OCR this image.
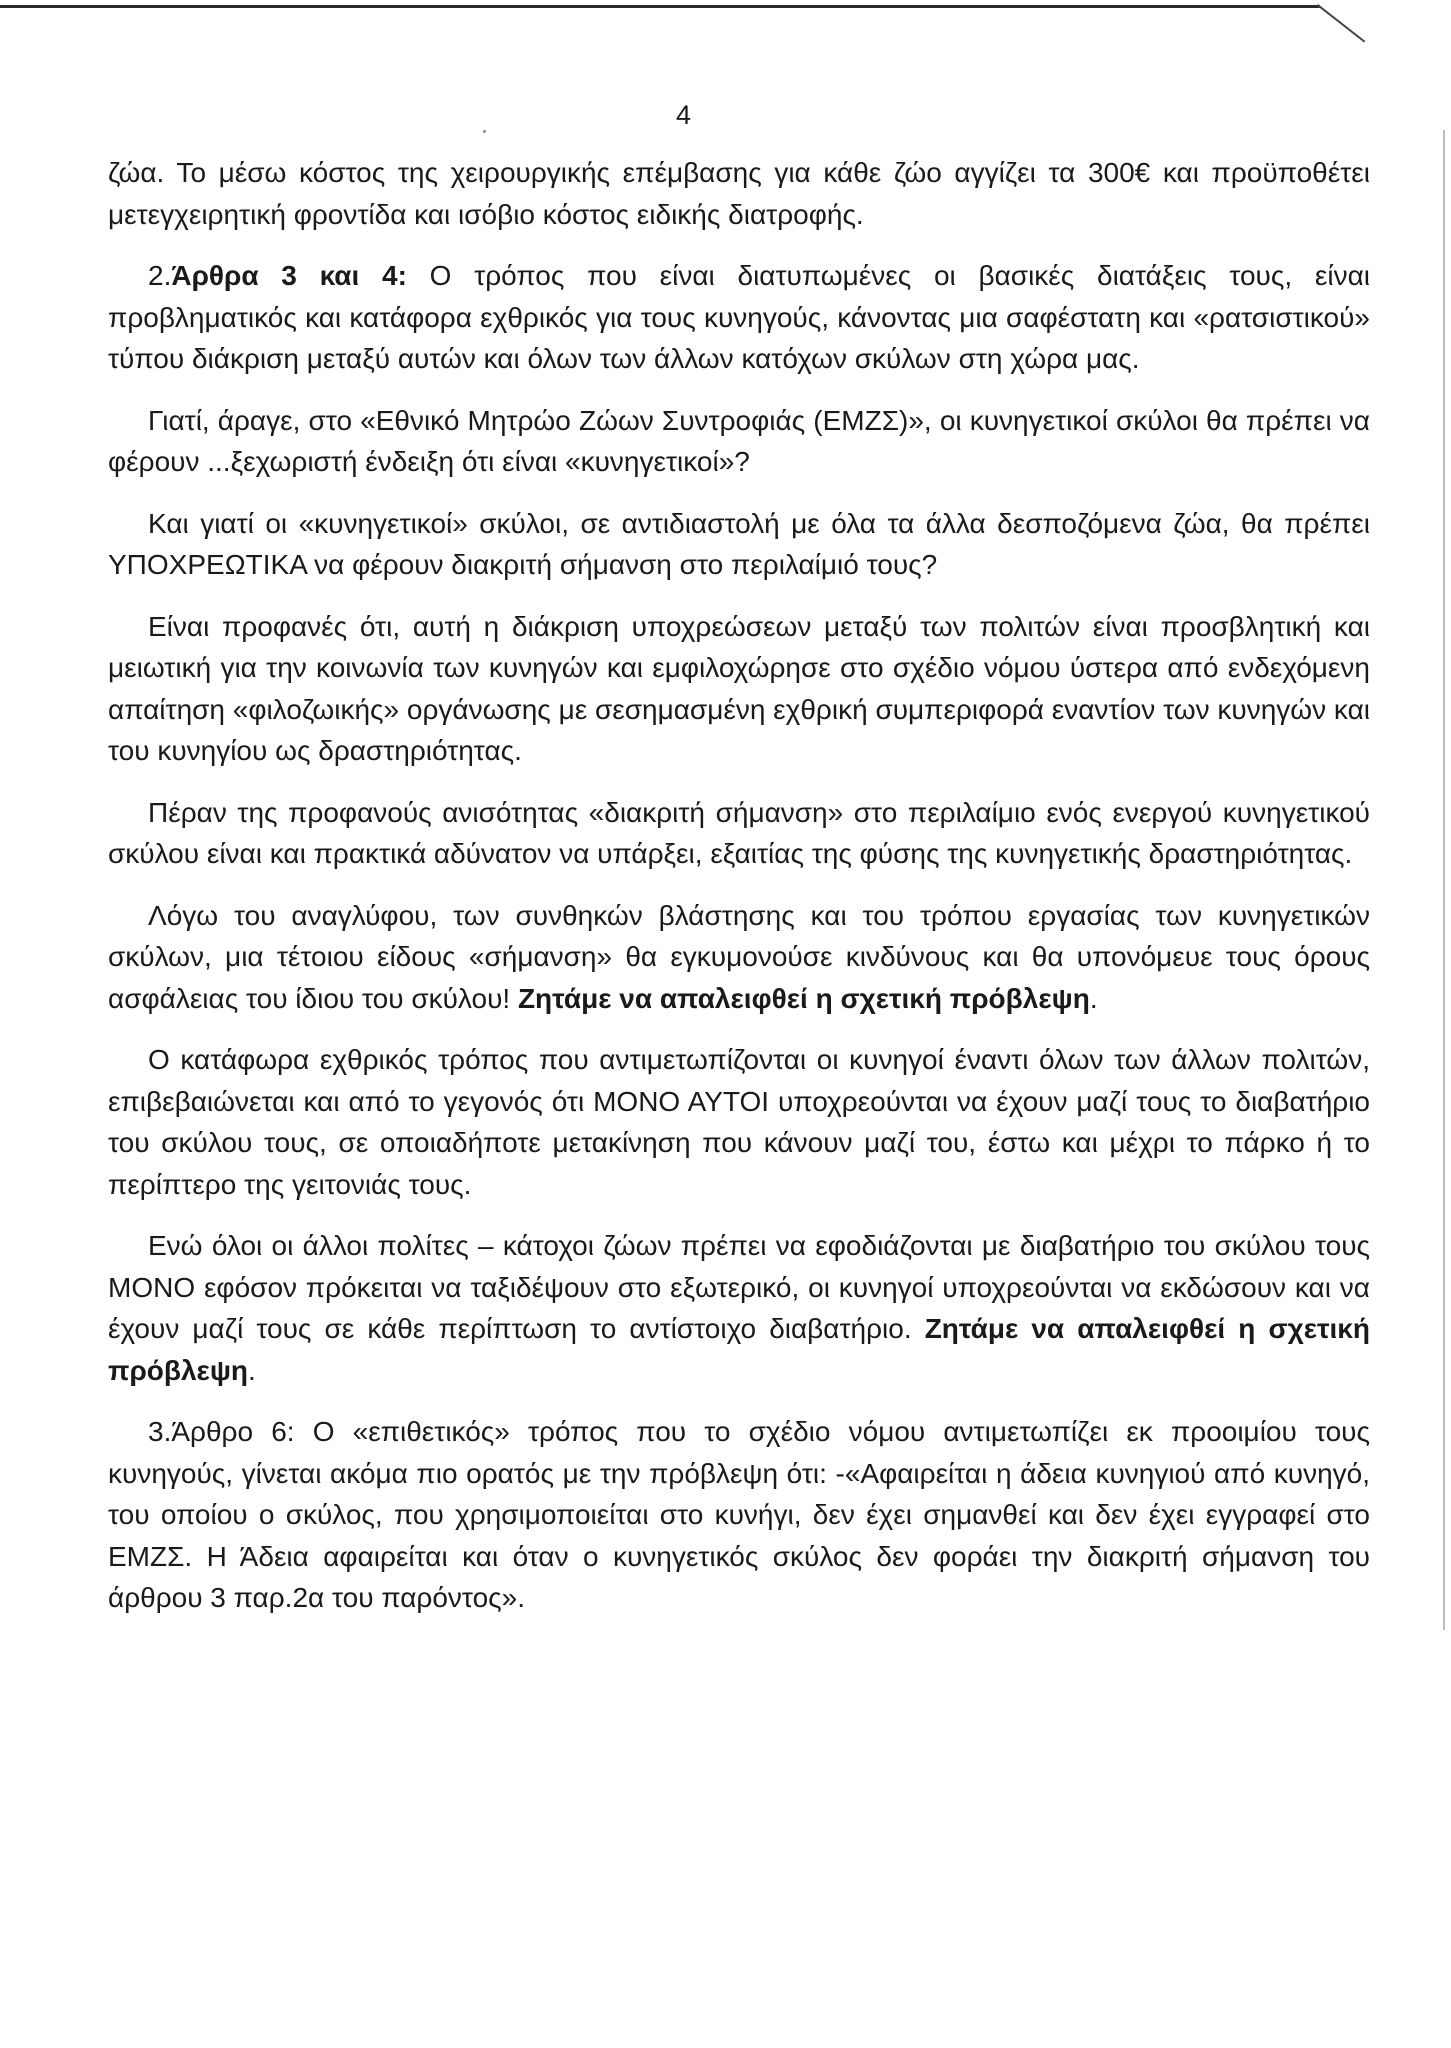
4

ζώα. Το μέσω κόστος της χειρουργικής επέμβασης για κάθε ζώο αγγίζει τα 300€ και προϋποθέτει μετεγχειρητική φροντίδα και ισόβιο κόστος ειδικής διατροφής.

2.Άρθρα 3 και 4: Ο τρόπος που είναι διατυπωμένες οι βασικές διατάξεις τους, είναι προβληματικός και κατάφορα εχθρικός για τους κυνηγούς, κάνοντας μια σαφέστατη και «ρατσιστικού» τύπου διάκριση μεταξύ αυτών και όλων των άλλων κατόχων σκύλων στη χώρα μας.

Γιατί, άραγε, στο «Εθνικό Μητρώο Ζώων Συντροφιάς (ΕΜΖΣ)», οι κυνηγετικοί σκύλοι θα πρέπει να φέρουν ...ξεχωριστή ένδειξη ότι είναι «κυνηγετικοί»?

Και γιατί οι «κυνηγετικοί» σκύλοι, σε αντιδιαστολή με όλα τα άλλα δεσποζόμενα ζώα, θα πρέπει ΥΠΟΧΡΕΩΤΙΚΑ να φέρουν διακριτή σήμανση στο περιλαίμιό τους?

Είναι προφανές ότι, αυτή η διάκριση υποχρεώσεων μεταξύ των πολιτών είναι προσβλητική και μειωτική για την κοινωνία των κυνηγών και εμφιλοχώρησε στο σχέδιο νόμου ύστερα από ενδεχόμενη απαίτηση «φιλοζωικής» οργάνωσης με σεσημασμένη εχθρική συμπεριφορά εναντίον των κυνηγών και του κυνηγίου ως δραστηριότητας.

Πέραν της προφανούς ανισότητας «διακριτή σήμανση» στο περιλαίμιο ενός ενεργού κυνηγετικού σκύλου είναι και πρακτικά αδύνατον να υπάρξει, εξαιτίας της φύσης της κυνηγετικής δραστηριότητας.

Λόγω του αναγλύφου, των συνθηκών βλάστησης και του τρόπου εργασίας των κυνηγετικών σκύλων, μια τέτοιου είδους «σήμανση» θα εγκυμονούσε κινδύνους και θα υπονόμευε τους όρους ασφάλειας του ίδιου του σκύλου! Ζητάμε να απαλειφθεί η σχετική πρόβλεψη.

Ο κατάφωρα εχθρικός τρόπος που αντιμετωπίζονται οι κυνηγοί έναντι όλων των άλλων πολιτών, επιβεβαιώνεται και από το γεγονός ότι ΜΟΝΟ ΑΥΤΟΙ υποχρεούνται να έχουν μαζί τους το διαβατήριο του σκύλου τους, σε οποιαδήποτε μετακίνηση που κάνουν μαζί του, έστω και μέχρι το πάρκο ή το περίπτερο της γειτονιάς τους.

Ενώ όλοι οι άλλοι πολίτες – κάτοχοι ζώων πρέπει να εφοδιάζονται με διαβατήριο του σκύλου τους ΜΟΝΟ εφόσον πρόκειται να ταξιδέψουν στο εξωτερικό, οι κυνηγοί υποχρεούνται να εκδώσουν και να έχουν μαζί τους σε κάθε περίπτωση το αντίστοιχο διαβατήριο. Ζητάμε να απαλειφθεί η σχετική πρόβλεψη.

3.Άρθρο 6: Ο «επιθετικός» τρόπος που το σχέδιο νόμου αντιμετωπίζει εκ προοιμίου τους κυνηγούς, γίνεται ακόμα πιο ορατός με την πρόβλεψη ότι: -«Αφαιρείται η άδεια κυνηγιού από κυνηγό, του οποίου ο σκύλος, που χρησιμοποιείται στο κυνήγι, δεν έχει σημανθεί και δεν έχει εγγραφεί στο ΕΜΖΣ. Η Άδεια αφαιρείται και όταν ο κυνηγετικός σκύλος δεν φοράει την διακριτή σήμανση του άρθρου 3 παρ.2α του παρόντος».
